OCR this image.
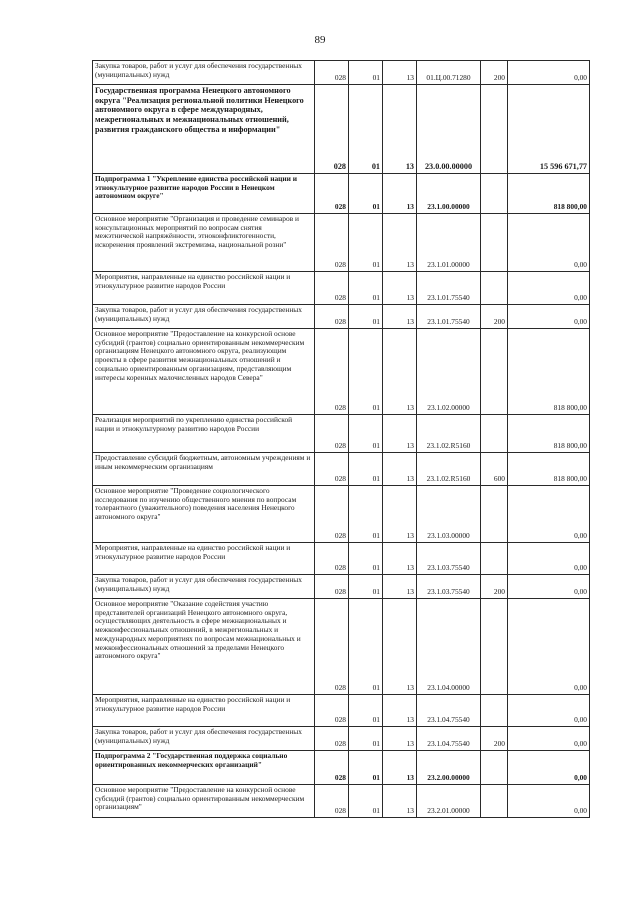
89
Закупка товаров, работ и услуг для обеспечения государственных (муниципальных) нужд	028	01	13	01.Ц.00.71280	200	0,00
Государственная программа Ненецкого автономного округа "Реализация региональной политики Ненецкого автономного округа в сфере международных, межрегиональных и межнациональных отношений, развития гражданского общества и информации"	028	01	13	23.0.00.00000		15 596 671,77
Подпрограмма 1 "Укрепление единства российской нации и этнокультурное развитие народов России в Ненецком автономном округе"	028	01	13	23.1.00.00000		818 800,00
Основное мероприятие "Организация и проведение семинаров и консультационных мероприятий по вопросам снятия межэтнической напряжённости, этноконфликтогенности, искоренения проявлений экстремизма, национальной розни"	028	01	13	23.1.01.00000		0,00
Мероприятия, направленные на единство российской нации и этнокультурное развитие народов России	028	01	13	23.1.01.75540		0,00
Закупка товаров, работ и услуг для обеспечения государственных (муниципальных) нужд	028	01	13	23.1.01.75540	200	0,00
Основное мероприятие "Предоставление на конкурсной основе субсидий (грантов) социально ориентированным некоммерческим организациям Ненецкого автономного округа, реализующим проекты в сфере развития межнациональных отношений и социально ориентированным организациям, представляющим интересы коренных малочисленных народов Севера"	028	01	13	23.1.02.00000		818 800,00
Реализация мероприятий по укреплению единства российской нации и этнокультурному развитию народов России	028	01	13	23.1.02.R5160		818 800,00
Предоставление субсидий бюджетным, автономным учреждениям и иным некоммерческим организациям	028	01	13	23.1.02.R5160	600	818 800,00
Основное мероприятие "Проведение социологического исследования по изучению общественного мнения по вопросам толерантного (уважительного) поведения населения Ненецкого автономного округа"	028	01	13	23.1.03.00000		0,00
Мероприятия, направленные на единство российской нации и этнокультурное развитие народов России	028	01	13	23.1.03.75540		0,00
Закупка товаров, работ и услуг для обеспечения государственных (муниципальных) нужд	028	01	13	23.1.03.75540	200	0,00
Основное мероприятие "Оказание содействия участию представителей организаций Ненецкого автономного округа, осуществляющих деятельность в сфере межнациональных и межконфессиональных отношений, в межрегиональных и международных мероприятиях по вопросам межнациональных и межконфессиональных отношений за пределами Ненецкого автономного округа"	028	01	13	23.1.04.00000		0,00
Мероприятия, направленные на единство российской нации и этнокультурное развитие народов России	028	01	13	23.1.04.75540		0,00
Закупка товаров, работ и услуг для обеспечения государственных (муниципальных) нужд	028	01	13	23.1.04.75540	200	0,00
Подпрограмма 2 "Государственная поддержка социально ориентированных некоммерческих организаций"	028	01	13	23.2.00.00000		0,00
Основное мероприятие "Предоставление на конкурсной основе субсидий (грантов) социально ориентированным некоммерческим организациям"	028	01	13	23.2.01.00000		0,00
